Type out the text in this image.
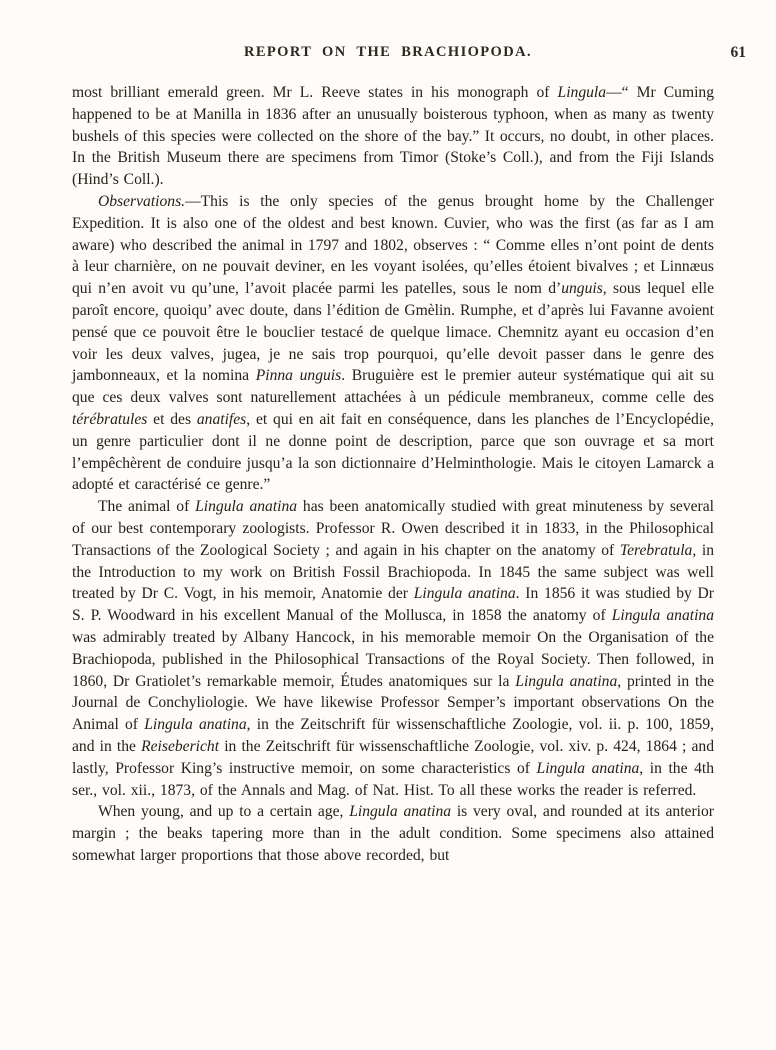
REPORT ON THE BRACHIOPODA.	61

most brilliant emerald green. Mr L. Reeve states in his monograph of Lingula—“ Mr Cuming happened to be at Manilla in 1836 after an unusually boisterous typhoon, when as many as twenty bushels of this species were collected on the shore of the bay.” It occurs, no doubt, in other places. In the British Museum there are specimens from Timor (Stoke’s Coll.), and from the Fiji Islands (Hind’s Coll.).

Observations.—This is the only species of the genus brought home by the Challenger Expedition. It is also one of the oldest and best known. Cuvier, who was the first (as far as I am aware) who described the animal in 1797 and 1802, observes : “ Comme elles n’ont point de dents à leur charnière, on ne pouvait deviner, en les voyant isolées, qu’elles étoient bivalves ; et Linnæus qui n’en avoit vu qu’une, l’avoit placée parmi les patelles, sous le nom d’unguis, sous lequel elle paroît encore, quoiqu’ avec doute, dans l’édition de Gmèlin. Rumphe, et d’après lui Favanne avoient pensé que ce pouvoit être le bouclier testacé de quelque limace. Chemnitz ayant eu occasion d’en voir les deux valves, jugea, je ne sais trop pourquoi, qu’elle devoit passer dans le genre des jambonneaux, et la nomina Pinna unguis. Bruguière est le premier auteur systématique qui ait su que ces deux valves sont naturellement attachées à un pédicule membraneux, comme celle des térébratules et des anatifes, et qui en ait fait en conséquence, dans les planches de l’Encyclopédie, un genre particulier dont il ne donne point de description, parce que son ouvrage et sa mort l’empêchèrent de conduire jusqu’a la son dictionnaire d’Helminthologie. Mais le citoyen Lamarck a adopté et caractérisé ce genre.”

The animal of Lingula anatina has been anatomically studied with great minuteness by several of our best contemporary zoologists. Professor R. Owen described it in 1833, in the Philosophical Transactions of the Zoological Society ; and again in his chapter on the anatomy of Terebratula, in the Introduction to my work on British Fossil Brachiopoda. In 1845 the same subject was well treated by Dr C. Vogt, in his memoir, Anatomie der Lingula anatina. In 1856 it was studied by Dr S. P. Woodward in his excellent Manual of the Mollusca, in 1858 the anatomy of Lingula anatina was admirably treated by Albany Hancock, in his memorable memoir On the Organisation of the Brachiopoda, published in the Philosophical Transactions of the Royal Society. Then followed, in 1860, Dr Gratiolet’s remarkable memoir, Études anatomiques sur la Lingula anatina, printed in the Journal de Conchyliologie. We have likewise Professor Semper’s important observations On the Animal of Lingula anatina, in the Zeitschrift für wissenschaftliche Zoologie, vol. ii. p. 100, 1859, and in the Reisebericht in the Zeitschrift für wissenschaftliche Zoologie, vol. xiv. p. 424, 1864 ; and lastly, Professor King’s instructive memoir, on some characteristics of Lingula anatina, in the 4th ser., vol. xii., 1873, of the Annals and Mag. of Nat. Hist. To all these works the reader is referred.

When young, and up to a certain age, Lingula anatina is very oval, and rounded at its anterior margin ; the beaks tapering more than in the adult condition. Some specimens also attained somewhat larger proportions that those above recorded, but
